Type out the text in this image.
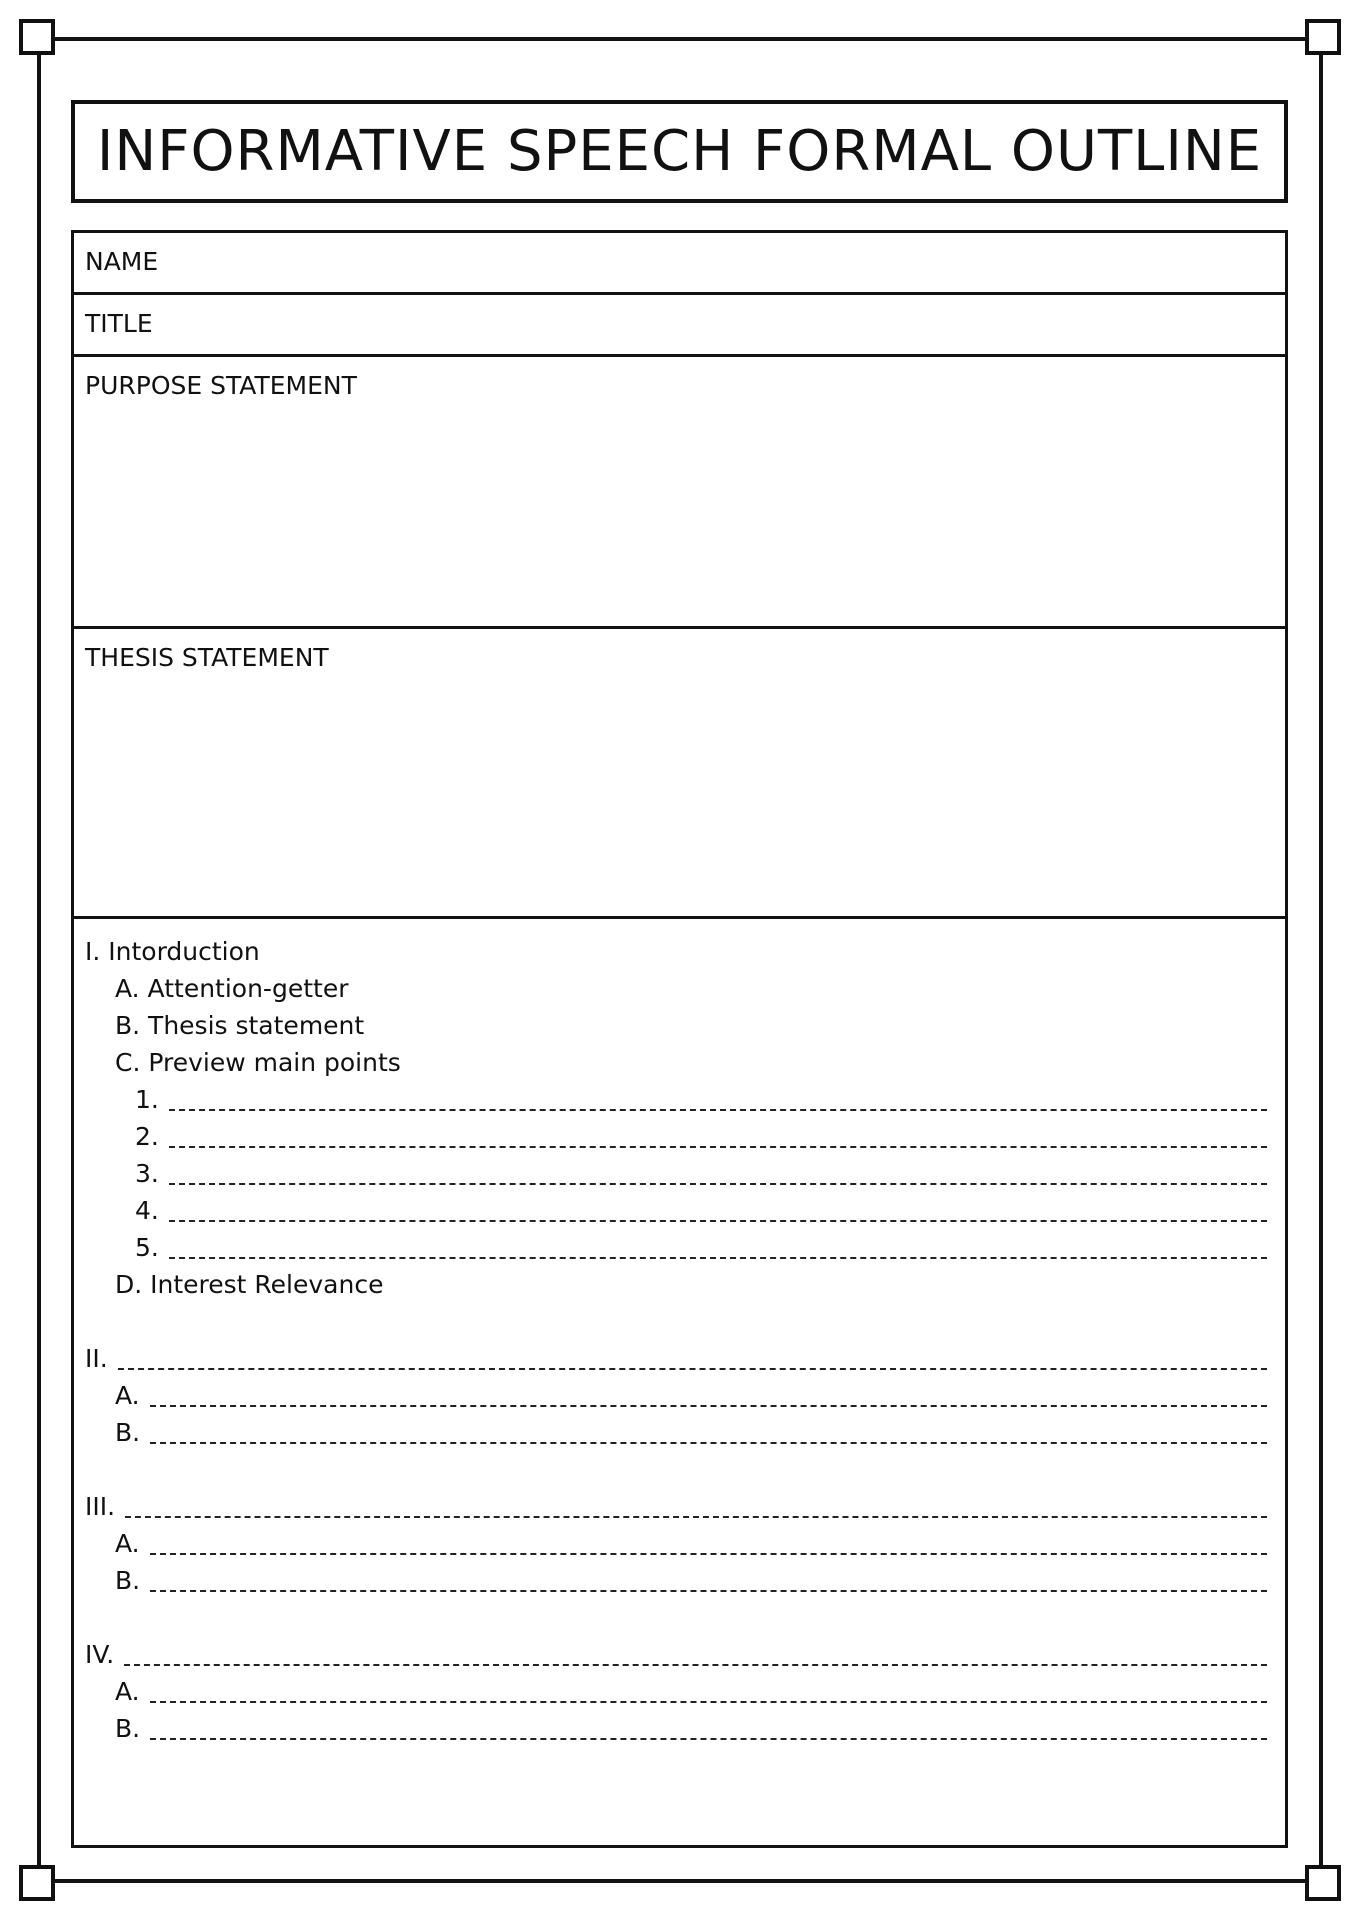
INFORMATIVE SPEECH FORMAL OUTLINE
NAME
TITLE
PURPOSE STATEMENT
THESIS STATEMENT
I. Intorduction
A. Attention-getter
B. Thesis statement
C. Preview main points
1.
2.
3.
4.
5.
D. Interest Relevance
II.
A.
B.
III.
A.
B.
IV.
A.
B.
